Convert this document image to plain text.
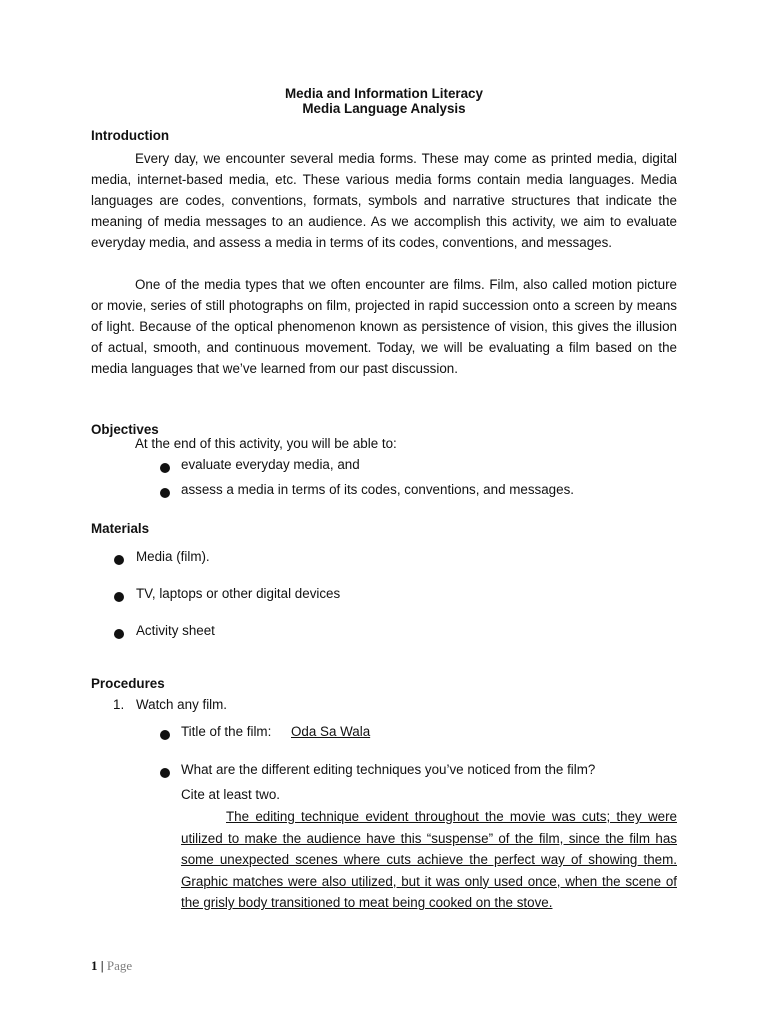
Media and Information Literacy
Media Language Analysis
Introduction

Every day, we encounter several media forms. These may come as printed media, digital media, internet-based media, etc. These various media forms contain media languages. Media languages are codes, conventions, formats, symbols and narrative structures that indicate the meaning of media messages to an audience. As we accomplish this activity, we aim to evaluate everyday media, and assess a media in terms of its codes, conventions, and messages.

One of the media types that we often encounter are films. Film, also called motion picture or movie, series of still photographs on film, projected in rapid succession onto a screen by means of light. Because of the optical phenomenon known as persistence of vision, this gives the illusion of actual, smooth, and continuous movement. Today, we will be evaluating a film based on the media languages that we’ve learned from our past discussion.

Objectives
At the end of this activity, you will be able to:
evaluate everyday media, and
assess a media in terms of its codes, conventions, and messages.
Materials
Media (film).
TV, laptops or other digital devices
Activity sheet
Procedures
1. Watch any film.
Title of the film: Oda Sa Wala
What are the different editing techniques you’ve noticed from the film?
Cite at least two.

The editing technique evident throughout the movie was cuts; they were utilized to make the audience have this “suspense” of the film, since the film has some unexpected scenes where cuts achieve the perfect way of showing them. Graphic matches were also utilized, but it was only used once, when the scene of the grisly body transitioned to meat being cooked on the stove.

1 | Page
